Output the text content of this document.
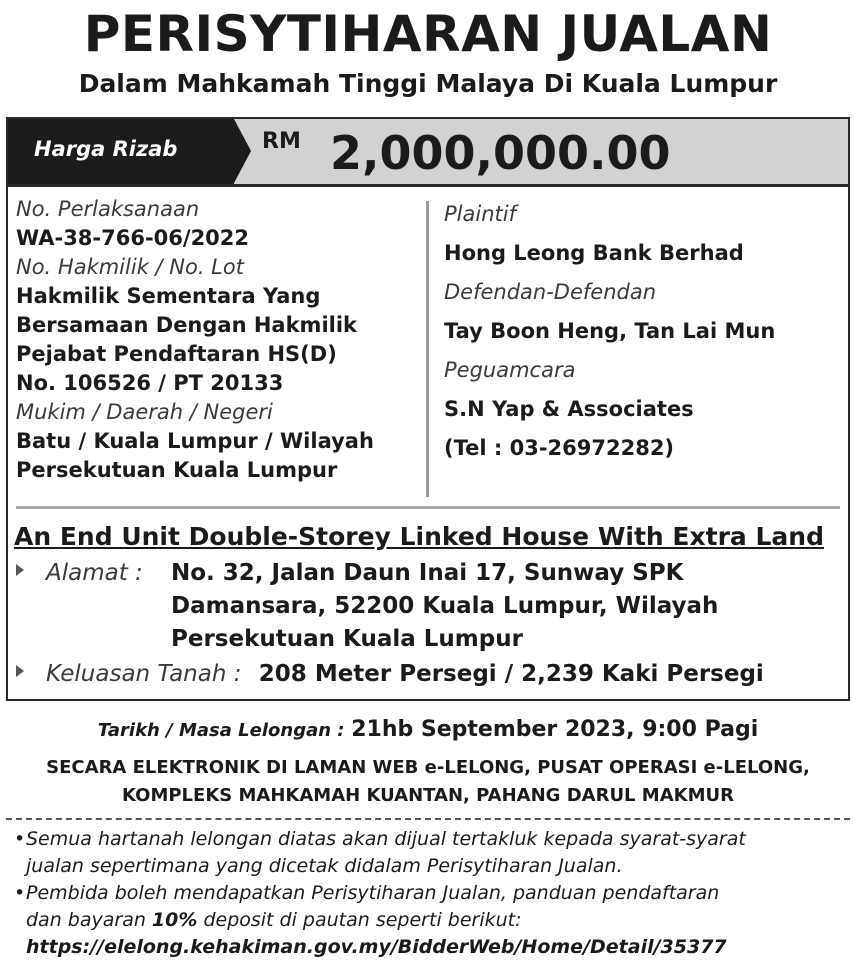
PERISYTIHARAN JUALAN
Dalam Mahkamah Tinggi Malaya Di Kuala Lumpur
Harga Rizab	RM 2,000,000.00
No. Perlaksanaan
WA-38-766-06/2022
No. Hakmilik / No. Lot
Hakmilik Sementara Yang
Bersamaan Dengan Hakmilik
Pejabat Pendaftaran HS(D)
No. 106526 / PT 20133
Mukim / Daerah / Negeri
Batu / Kuala Lumpur / Wilayah
Persekutuan Kuala Lumpur
Plaintif
Hong Leong Bank Berhad
Defendan-Defendan
Tay Boon Heng, Tan Lai Mun
Peguamcara
S.N Yap & Associates
(Tel : 03-26972282)
An End Unit Double-Storey Linked House With Extra Land
Alamat : No. 32, Jalan Daun Inai 17, Sunway SPK
Damansara, 52200 Kuala Lumpur, Wilayah
Persekutuan Kuala Lumpur
Keluasan Tanah : 208 Meter Persegi / 2,239 Kaki Persegi
Tarikh / Masa Lelongan : 21hb September 2023, 9:00 Pagi
SECARA ELEKTRONIK DI LAMAN WEB e-LELONG, PUSAT OPERASI e-LELONG,
KOMPLEKS MAHKAMAH KUANTAN, PAHANG DARUL MAKMUR
• Semua hartanah lelongan diatas akan dijual tertakluk kepada syarat-syarat
jualan sepertimana yang dicetak didalam Perisytiharan Jualan.
• Pembida boleh mendapatkan Perisytiharan Jualan, panduan pendaftaran
dan bayaran 10% deposit di pautan seperti berikut:
https://elelong.kehakiman.gov.my/BidderWeb/Home/Detail/35377
